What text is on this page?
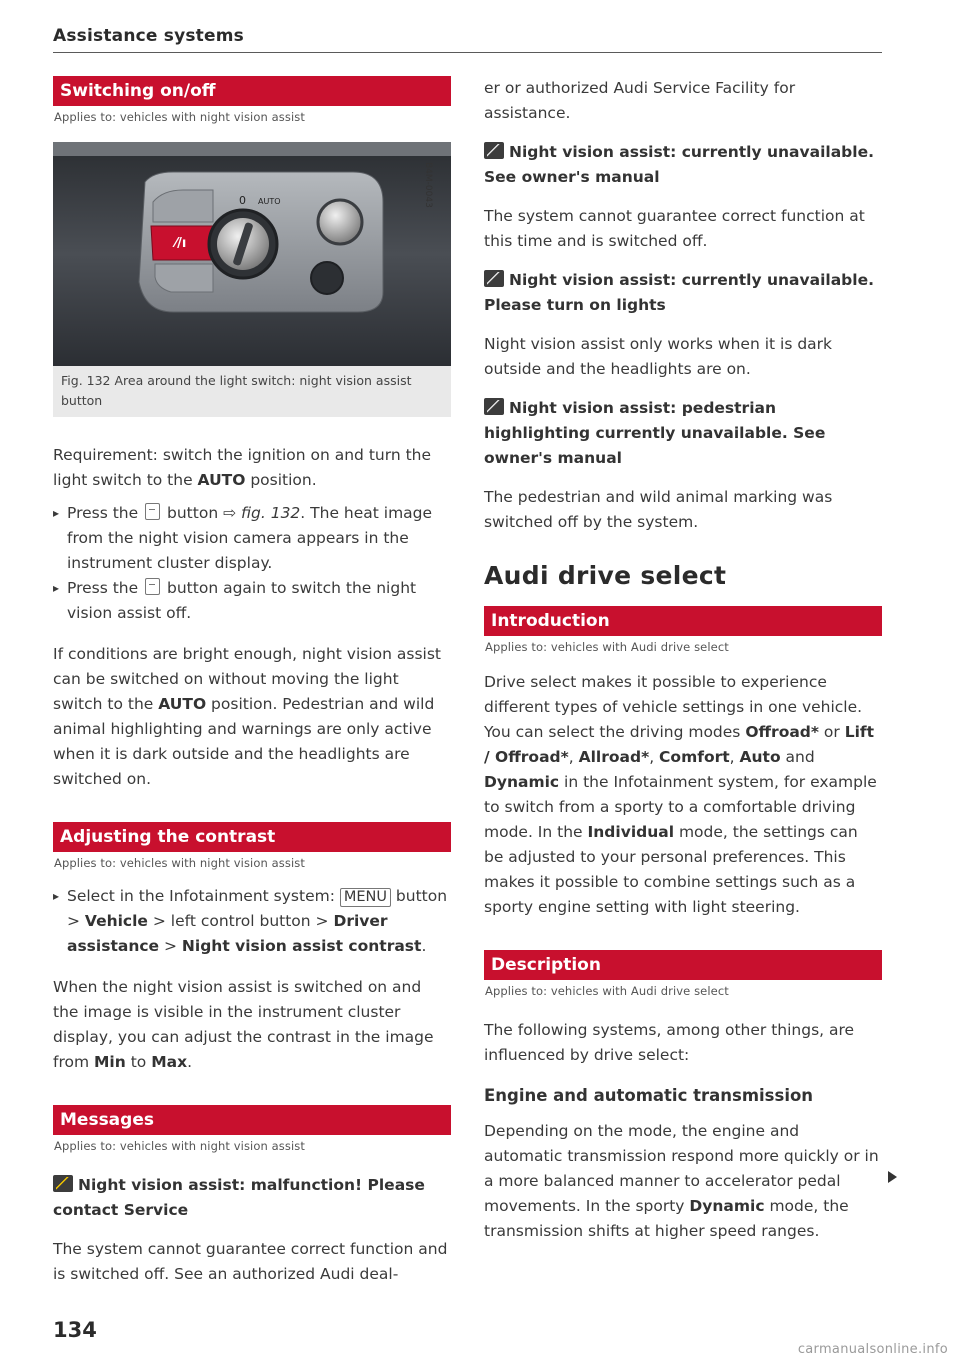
Assistance systems
Switching on/off
Applies to: vehicles with night vision assist
⁄/ı
0 AUTO	B4M-0043
Fig. 132 Area around the light switch: night vision assist button

Requirement: switch the ignition on and turn the light switch to the AUTO position.

▸ Press the  button ⇨ fig. 132. The heat image from the night vision camera appears in the instrument cluster display.
▸ Press the  button again to switch the night vision assist off.

If conditions are bright enough, night vision assist can be switched on without moving the light switch to the AUTO position. Pedestrian and wild animal highlighting and warnings are only active when it is dark outside and the headlights are switched on.

Adjusting the contrast
Applies to: vehicles with night vision assist
▸ Select in the Infotainment system: MENU button > Vehicle > left control button > Driver assistance > Night vision assist contrast.

When the night vision assist is switched on and the image is visible in the instrument cluster display, you can adjust the contrast in the image from Min to Max.

Messages
Applies to: vehicles with night vision assist
Night vision assist: malfunction! Please contact Service

The system cannot guarantee correct function and is switched off. See an authorized Audi deal-

er or authorized Audi Service Facility for assistance.

Night vision assist: currently unavailable. See owner's manual

The system cannot guarantee correct function at this time and is switched off.

Night vision assist: currently unavailable. Please turn on lights

Night vision assist only works when it is dark outside and the headlights are on.

Night vision assist: pedestrian highlighting currently unavailable. See owner's manual

The pedestrian and wild animal marking was switched off by the system.

Audi drive select
Introduction
Applies to: vehicles with Audi drive select

Drive select makes it possible to experience different types of vehicle settings in one vehicle. You can select the driving modes Offroad* or Lift / Offroad*, Allroad*, Comfort, Auto and Dynamic in the Infotainment system, for example to switch from a sporty to a comfortable driving mode. In the Individual mode, the settings can be adjusted to your personal preferences. This makes it possible to combine settings such as a sporty engine setting with light steering.

Description
Applies to: vehicles with Audi drive select

The following systems, among other things, are influenced by drive select:

Engine and automatic transmission

Depending on the mode, the engine and automatic transmission respond more quickly or in a more balanced manner to accelerator pedal movements. In the sporty Dynamic mode, the transmission shifts at higher speed ranges.

134
carmanualsonline.info
